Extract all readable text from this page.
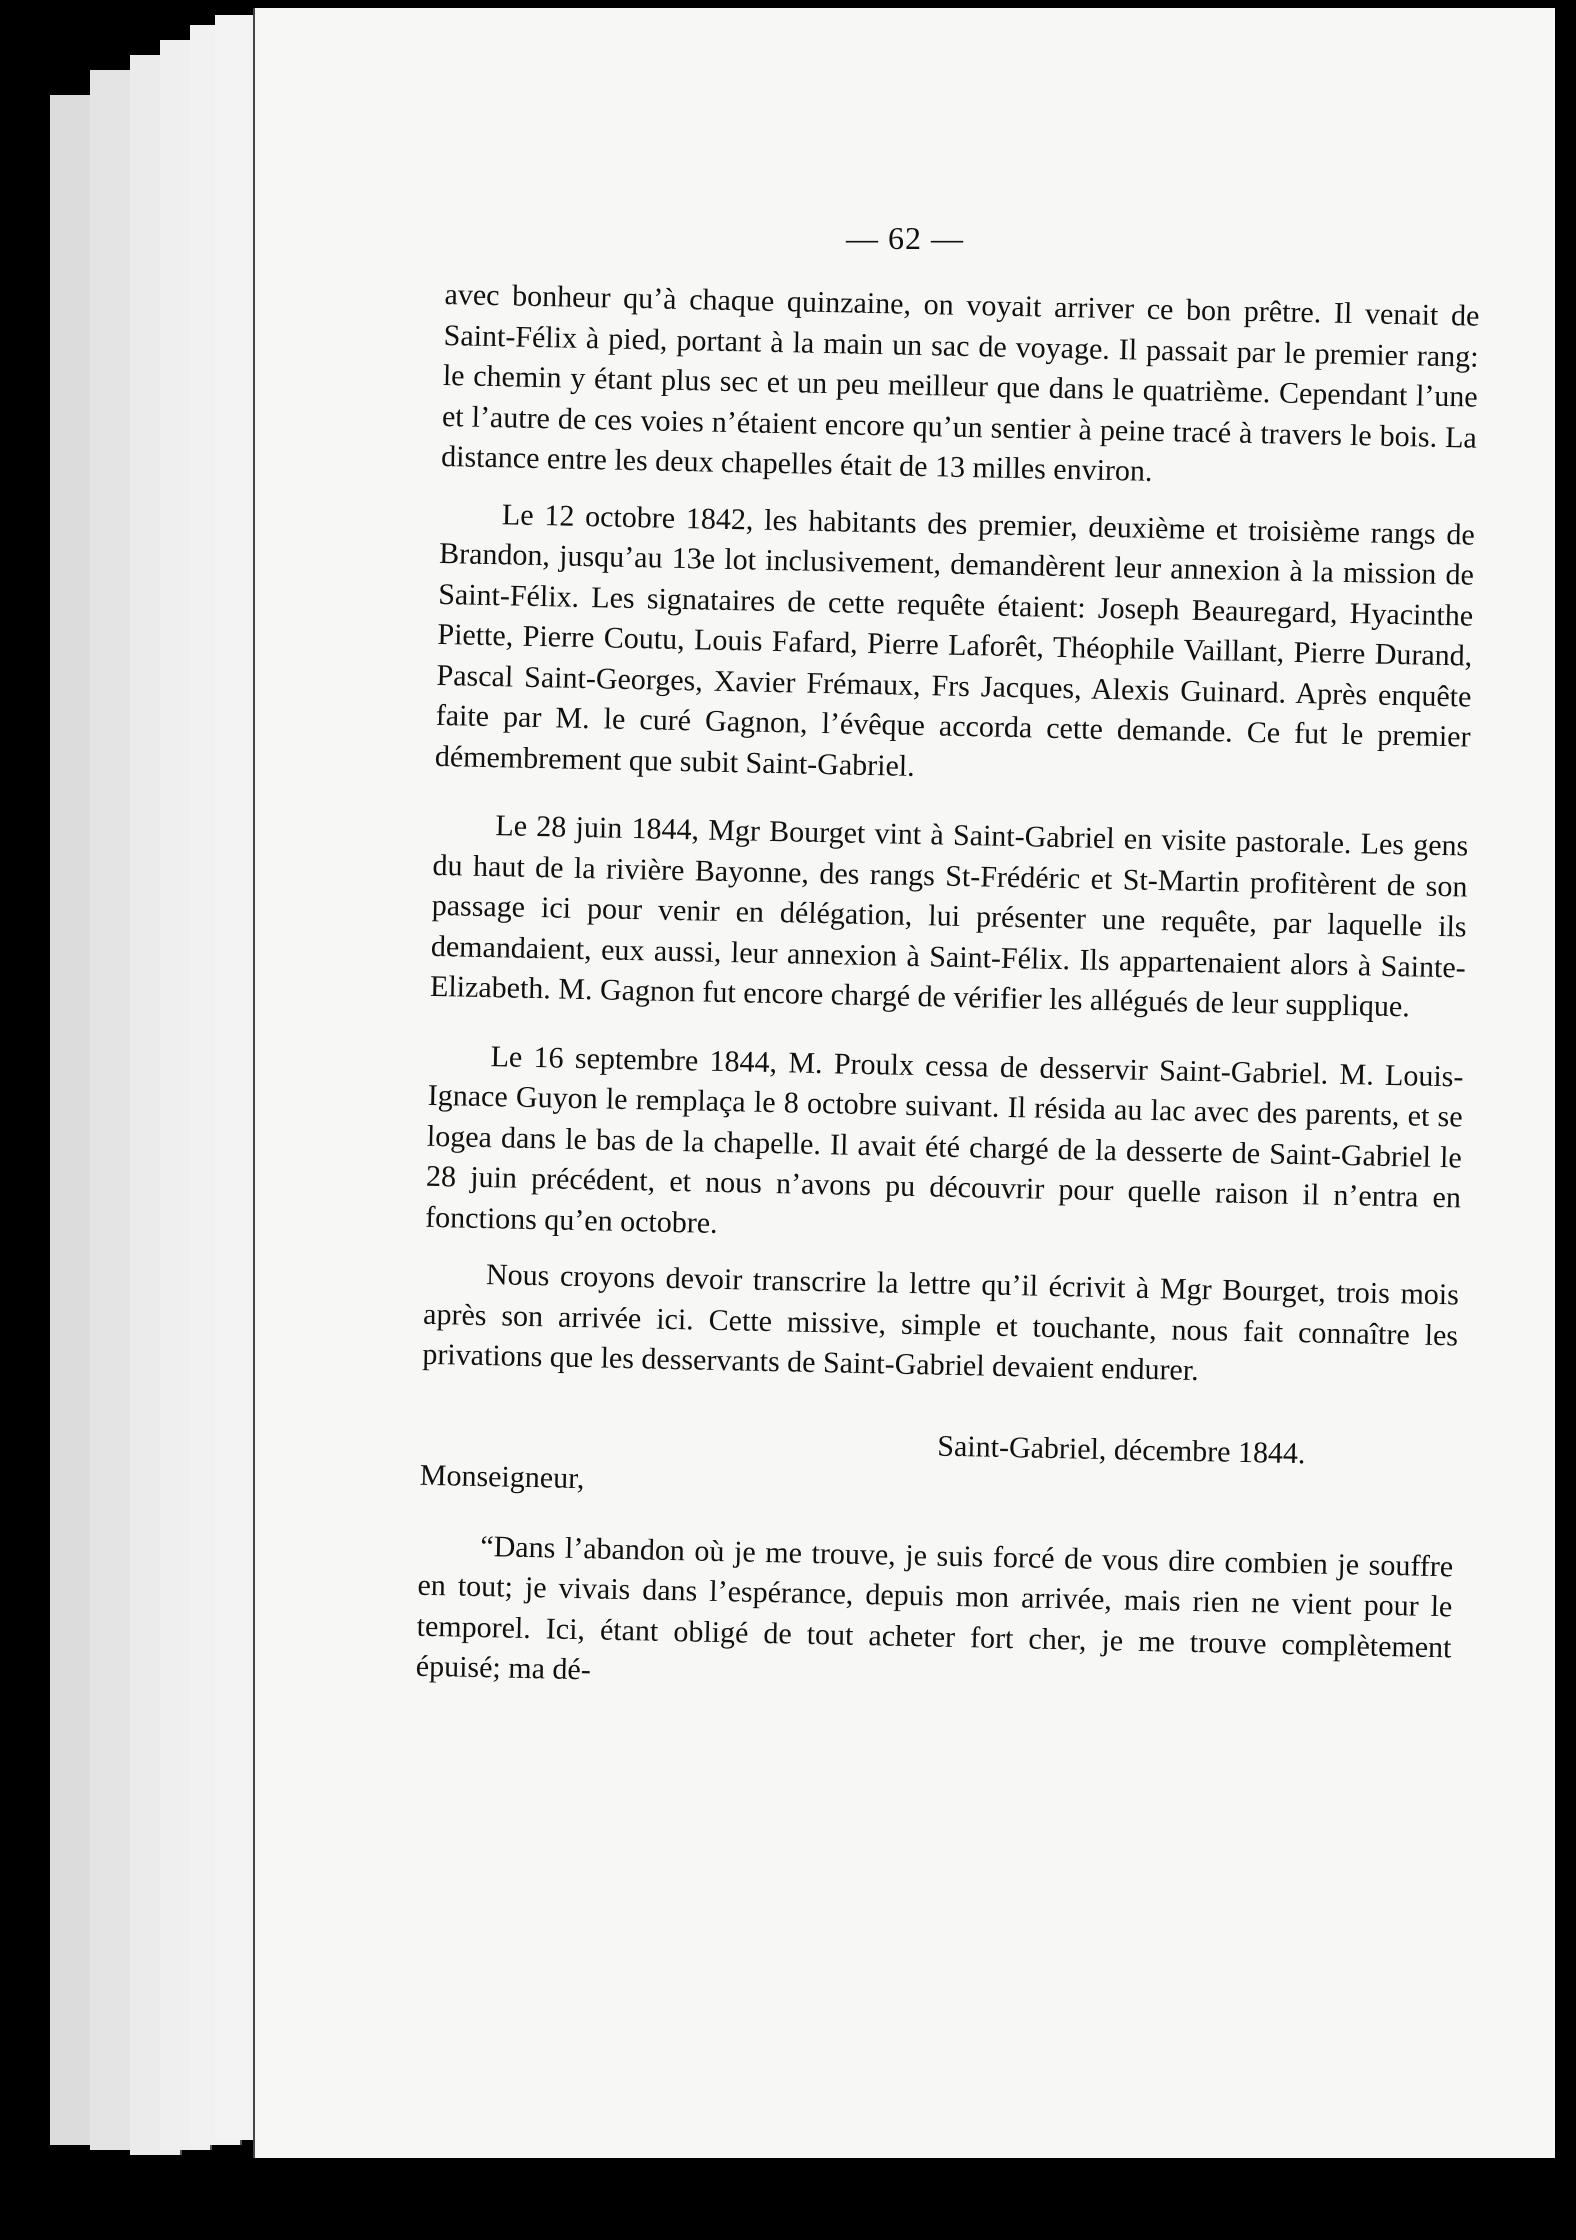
— 62 —

avec bonheur qu’à chaque quinzaine, on voyait arriver ce bon prêtre. Il venait de Saint-Félix à pied, portant à la main un sac de voyage. Il passait par le premier rang: le chemin y étant plus sec et un peu meilleur que dans le quatrième. Cependant l’une et l’autre de ces voies n’étaient encore qu’un sentier à peine tracé à travers le bois. La distance entre les deux chapelles était de 13 milles environ.

Le 12 octobre 1842, les habitants des premier, deuxième et troisième rangs de Brandon, jusqu’au 13e lot inclusivement, demandèrent leur annexion à la mission de Saint-Félix. Les signataires de cette requête étaient: Joseph Beauregard, Hyacinthe Piette, Pierre Coutu, Louis Fafard, Pierre Laforêt, Théophile Vaillant, Pierre Durand, Pascal Saint-Georges, Xavier Frémaux, Frs Jacques, Alexis Guinard. Après enquête faite par M. le curé Gagnon, l’évêque accorda cette demande. Ce fut le premier démembrement que subit Saint-Gabriel.

Le 28 juin 1844, Mgr Bourget vint à Saint-Gabriel en visite pastorale. Les gens du haut de la rivière Bayonne, des rangs St-Frédéric et St-Martin profitèrent de son passage ici pour venir en délégation, lui présenter une requête, par laquelle ils demandaient, eux aussi, leur annexion à Saint-Félix. Ils appartenaient alors à Sainte-Elizabeth. M. Gagnon fut encore chargé de vérifier les allégués de leur supplique.

Le 16 septembre 1844, M. Proulx cessa de desservir Saint-Gabriel. M. Louis-Ignace Guyon le remplaça le 8 octobre suivant. Il résida au lac avec des parents, et se logea dans le bas de la chapelle. Il avait été chargé de la desserte de Saint-Gabriel le 28 juin précédent, et nous n’avons pu découvrir pour quelle raison il n’entra en fonctions qu’en octobre.

Nous croyons devoir transcrire la lettre qu’il écrivit à Mgr Bourget, trois mois après son arrivée ici. Cette missive, simple et touchante, nous fait connaître les privations que les desservants de Saint-Gabriel devaient endurer.

Saint-Gabriel, décembre 1844.
Monseigneur,

“Dans l’abandon où je me trouve, je suis forcé de vous dire combien je souffre en tout; je vivais dans l’espérance, depuis mon arrivée, mais rien ne vient pour le temporel. Ici, étant obligé de tout acheter fort cher, je me trouve complètement épuisé; ma dé-
